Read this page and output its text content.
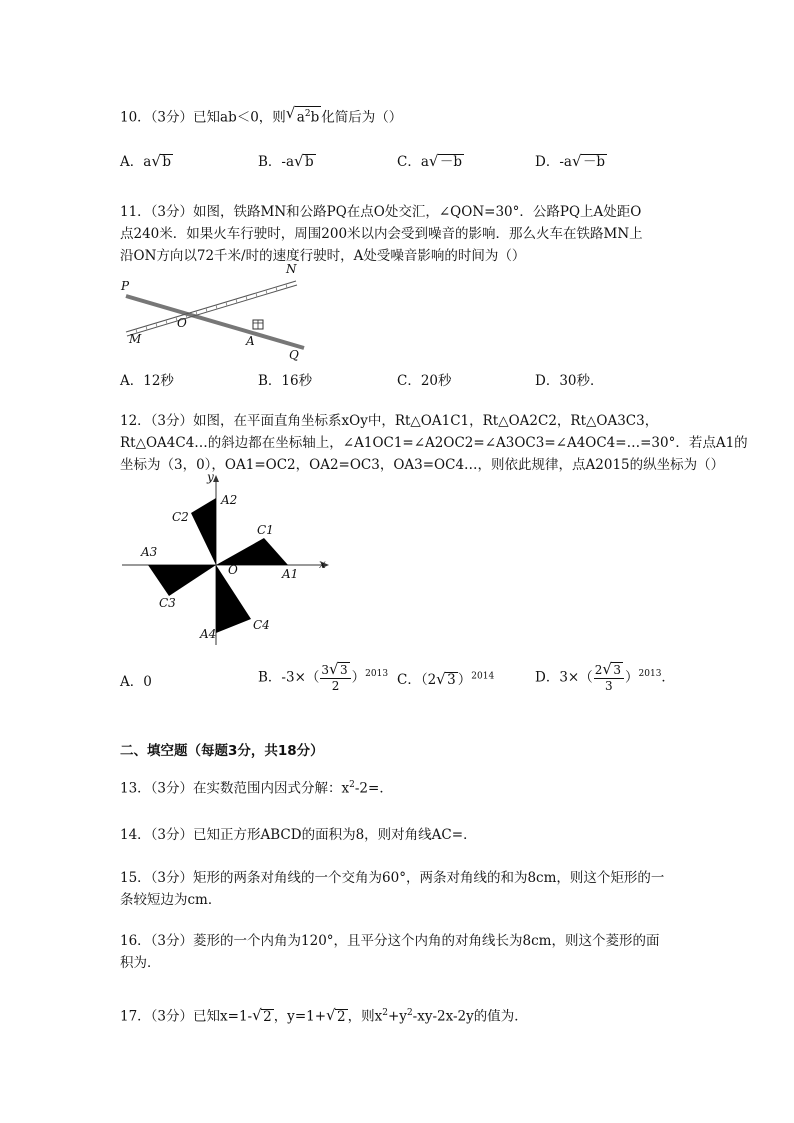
10．（3分）已知ab＜0，则 √ $a^2b$ 化简后为（）
A．a √ b	B．-a √ b	C．a √ －b	D．-a √ －b
11．（3分）如图，铁路MN和公路PQ在点O处交汇，∠QON=30°．公路PQ上A处距O
点240米．如果火车行驶时，周围200米以内会受到噪音的影响．那么火车在铁路MN上
沿ON方向以72千米/时的速度行驶时，A处受噪音影响的时间为（）
P
N
O
M	A
Q
A．12秒	B．16秒	C．20秒	D．30秒．
12．（3分）如图，在平面直角坐标系xOy中，Rt△OA1C1，Rt△OA2C2，Rt△OA3C3，
Rt△OA4C4…的斜边都在坐标轴上，∠A1OC1=∠A2OC2=∠A3OC3=∠A4OC4=…=30°．若点A1的
坐标为（3，0），OA1=OC2，OA2=OC3，OA3=OC4…，则依此规律，点A2015的纵坐标为（）
y
x
O	A1
C1
A2
C2
A3
C3
A4
C4
A．0	B．$-3\times( \frac{3 √ 3}{2} )^{2013}$ C．（2 √ 3 ）$^{2014}$	D．$3\times( \frac{2 √ 3}{3} )^{2013}$．
二、填空题（每题3分，共18分）
13．（3分）在实数范围内因式分解：$x^2-2=$．
14．（3分）已知正方形ABCD的面积为8，则对角线AC=．
15．（3分）矩形的两条对角线的一个交角为60°，两条对角线的和为8cm，则这个矩形的一
条较短边为cm．
16．（3分）菱形的一个内角为120°，且平分这个内角的对角线长为8cm，则这个菱形的面
积为．
17．（3分）已知x=1- √ 2 ，y=1+ √ 2 ，则$x^2+y^2-xy-2x-2y$的值为．
